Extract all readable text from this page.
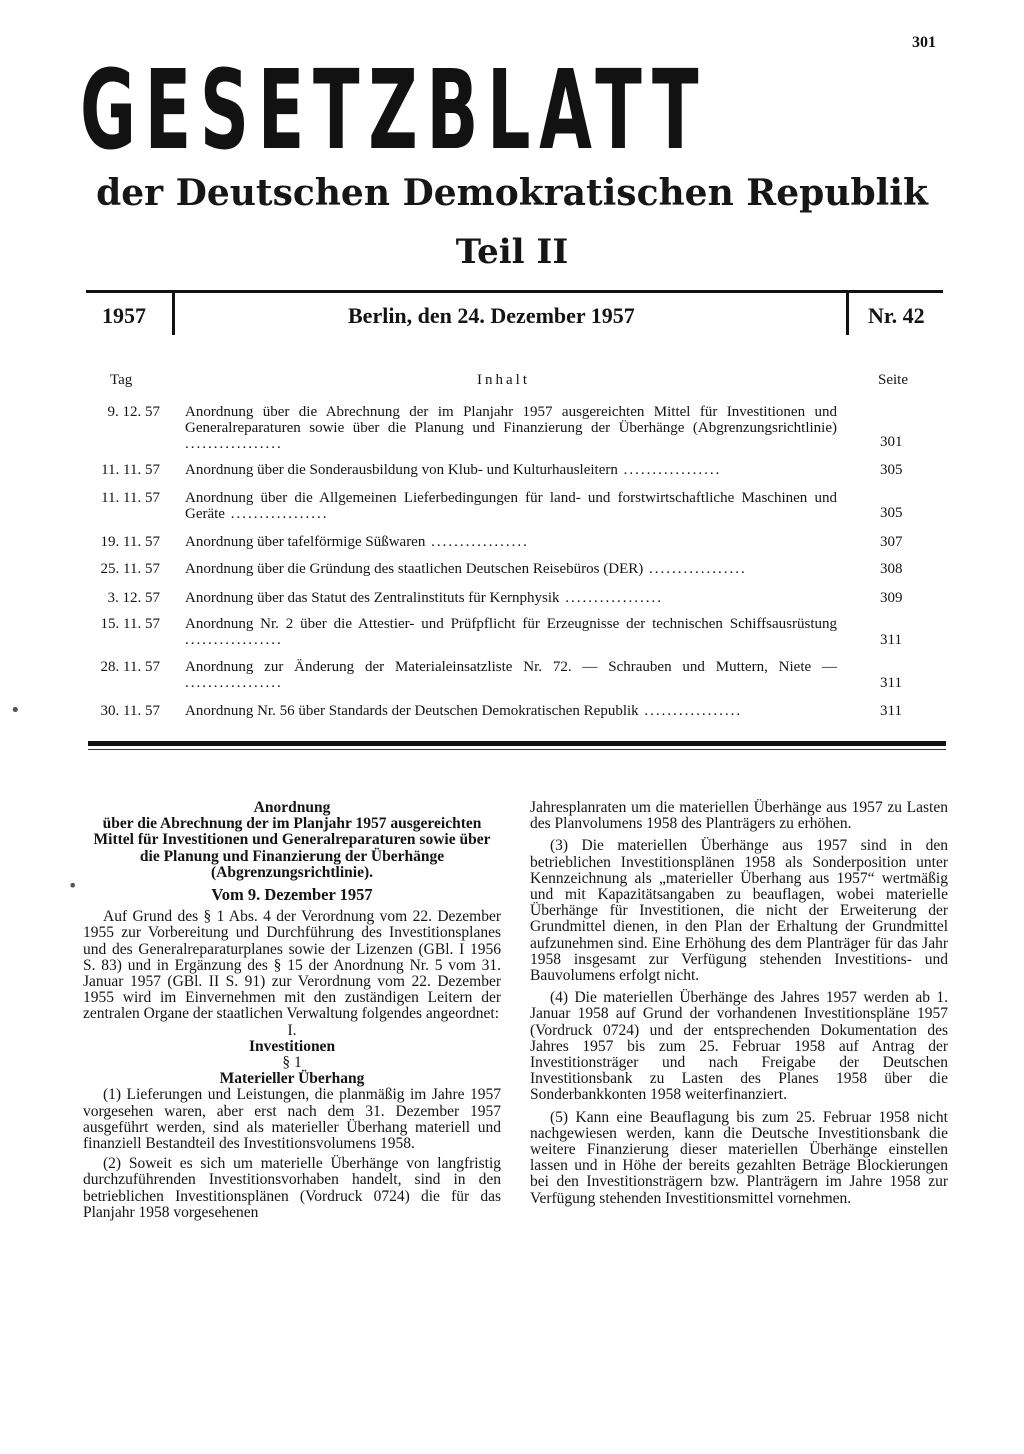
301
GESETZBLATT
der Deutschen Demokratischen Republik
Teil II
1957	Berlin, den 24. Dezember 1957	Nr. 42
Tag	Inhalt	Seite
9. 12. 57 Anordnung über die Abrechnung der im Planjahr 1957 ausgereichten Mittel für Investitionen und Generalreparaturen sowie über die Planung und Finanzierung der Überhänge (Abgrenzungsrichtlinie) .................	301
11. 11. 57 Anordnung über die Sonderausbildung von Klub- und Kulturhausleitern .................	305
11. 11. 57 Anordnung über die Allgemeinen Lieferbedingungen für land- und forstwirtschaftliche Maschinen und Geräte .................	305
19. 11. 57 Anordnung über tafelförmige Süßwaren .................	307
25. 11. 57 Anordnung über die Gründung des staatlichen Deutschen Reisebüros (DER) .................	308
3. 12. 57 Anordnung über das Statut des Zentralinstituts für Kernphysik .................	309
15. 11. 57 Anordnung Nr. 2 über die Attestier- und Prüfpflicht für Erzeugnisse der technischen Schiffsausrüstung .................	311
28. 11. 57 Anordnung zur Änderung der Materialeinsatzliste Nr. 72. — Schrauben und Muttern, Niete — .................	311
30. 11. 57 Anordnung Nr. 56 über Standards der Deutschen Demokratischen Republik .................	311

Anordnung

über die Abrechnung der im Planjahr 1957 ausgereichten Mittel für Investitionen und Generalreparaturen sowie über die Planung und Finanzierung der Überhänge (Abgrenzungsrichtlinie).

Vom 9. Dezember 1957

Auf Grund des § 1 Abs. 4 der Verordnung vom 22. Dezember 1955 zur Vorbereitung und Durchführung des Investitionsplanes und des Generalreparaturplanes sowie der Lizenzen (GBl. I 1956 S. 83) und in Ergänzung des § 15 der Anordnung Nr. 5 vom 31. Januar 1957 (GBl. II S. 91) zur Verordnung vom 22. Dezember 1955 wird im Einvernehmen mit den zuständigen Leitern der zentralen Organe der staatlichen Verwaltung folgendes angeordnet:

I.

Investitionen

§ 1

Materieller Überhang

(1) Lieferungen und Leistungen, die planmäßig im Jahre 1957 vorgesehen waren, aber erst nach dem 31. Dezember 1957 ausgeführt werden, sind als materieller Überhang materiell und finanziell Bestandteil des Investitionsvolumens 1958.

(2) Soweit es sich um materielle Überhänge von langfristig durchzuführenden Investitionsvorhaben handelt, sind in den betrieblichen Investitionsplänen (Vordruck 0724) die für das Planjahr 1958 vorgesehenen

Jahresplanraten um die materiellen Überhänge aus 1957 zu Lasten des Planvolumens 1958 des Planträgers zu erhöhen.

(3) Die materiellen Überhänge aus 1957 sind in den betrieblichen Investitionsplänen 1958 als Sonderposition unter Kennzeichnung als „materieller Überhang aus 1957“ wertmäßig und mit Kapazitätsangaben zu beauflagen, wobei materielle Überhänge für Investitionen, die nicht der Erweiterung der Grundmittel dienen, in den Plan der Erhaltung der Grundmittel aufzunehmen sind. Eine Erhöhung des dem Planträger für das Jahr 1958 insgesamt zur Verfügung stehenden Investitions- und Bauvolumens erfolgt nicht.

(4) Die materiellen Überhänge des Jahres 1957 werden ab 1. Januar 1958 auf Grund der vorhandenen Investitionspläne 1957 (Vordruck 0724) und der entsprechenden Dokumentation des Jahres 1957 bis zum 25. Februar 1958 auf Antrag der Investitionsträger und nach Freigabe der Deutschen Investitionsbank zu Lasten des Planes 1958 über die Sonderbankkonten 1958 weiterfinanziert.

(5) Kann eine Beauflagung bis zum 25. Februar 1958 nicht nachgewiesen werden, kann die Deutsche Investitionsbank die weitere Finanzierung dieser materiellen Überhänge einstellen lassen und in Höhe der bereits gezahlten Beträge Blockierungen bei den Investitionsträgern bzw. Planträgern im Jahre 1958 zur Verfügung stehenden Investitionsmittel vornehmen.

•
•
